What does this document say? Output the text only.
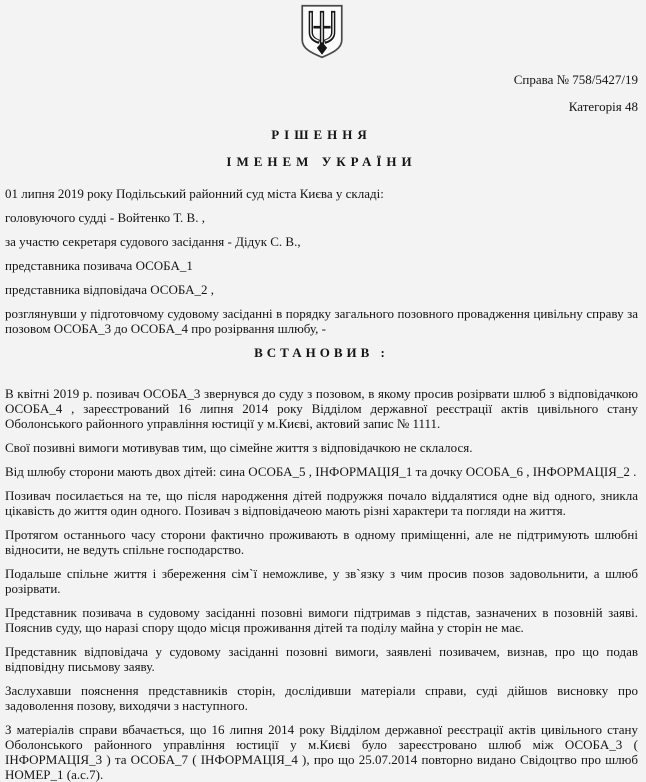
Справа № 758/5427/19
Категорія 48
РІШЕННЯ
ІМЕНЕМ УКРАЇНИ

01 липня 2019 року Подільський районний суд міста Києва у складі:

головуючого судді - Войтенко Т. В. ,

за участю секретаря судового засідання - Дідук С. В.,

представника позивача ОСОБА_1

представника відповідача ОСОБА_2 ,

розглянувши у підготовчому судовому засіданні в порядку загального позовного провадження цивільну справу за позовом ОСОБА_3 до ОСОБА_4 про розірвання шлюбу, -

ВСТАНОВИВ :

В квітні 2019 р. позивач ОСОБА_3 звернувся до суду з позовом, в якому просив розірвати шлюб з відповідачкою ОСОБА_4 , зареєстрований 16 липня 2014 року Відділом державної реєстрації актів цивільного стану Оболонського районного управління юстиції у м.Києві, актовий запис № 1111.

Свої позивні вимоги мотивував тим, що сімейне життя з відповідачкою не склалося.

Від шлюбу сторони мають двох дітей: сина ОСОБА_5 , ІНФОРМАЦІЯ_1 та дочку ОСОБА_6 , ІНФОРМАЦІЯ_2 .

Позивач посилається на те, що після народження дітей подружжя почало віддалятися одне від одного, зникла цікавість до життя один одного. Позивач з відповідачеою мають різні характери та погляди на життя.

Протягом останнього часу сторони фактично проживають в одному приміщенні, але не підтримують шлюбні відносити, не ведуть спільне господарство.

Подальше спільне життя і збереження сім`ї неможливе, у зв`язку з чим просив позов задовольнити, а шлюб розірвати.

Представник позивача в судовому засіданні позовні вимоги підтримав з підстав, зазначених в позовній заяві. Пояснив суду, що наразі спору щодо місця проживання дітей та поділу майна у сторін не має.

Представник відповідача у судовому засіданні позовні вимоги, заявлені позивачем, визнав, про що подав відповідну письмову заяву.

Заслухавши пояснення представників сторін, дослідивши матеріали справи, суді дійшов висновку про задоволення позову, виходячи з наступного.

З матеріалів справи вбачається, що 16 липня 2014 року Відділом державної реєстрації актів цивільного стану Оболонського районного управління юстиції у м.Києві було зареєстровано шлюб між ОСОБА_3 ( ІНФОРМАЦІЯ_3 ) та ОСОБА_7 ( ІНФОРМАЦІЯ_4 ), про що 25.07.2014 повторно видано Свідоцтво про шлюб НОМЕР_1 (а.с.7).
